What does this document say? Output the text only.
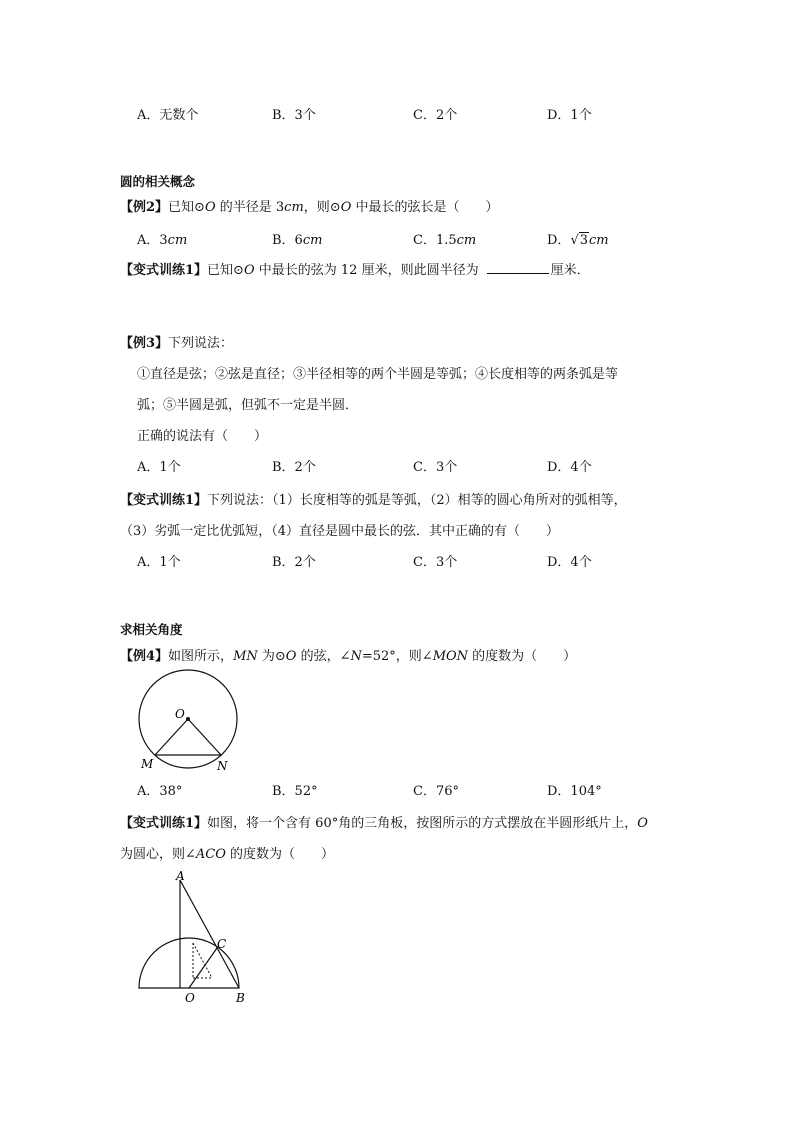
A．无数个	B．3个	C．2个	D．1个
圆的相关概念
【例2】已知⊙O 的半径是 3cm，则⊙O 中最长的弦长是（　　）
A．3cm	B．6cm	C．1.5cm	D．√3cm
【变式训练1】已知⊙O 中最长的弦为 12 厘米，则此圆半径为	厘米．
【例3】下列说法：
①直径是弦；②弦是直径；③半径相等的两个半圆是等弧；④长度相等的两条弧是等
弧；⑤半圆是弧，但弧不一定是半圆．
正确的说法有（　　）
A．1个	B．2个	C．3个	D．4个
【变式训练1】下列说法：（1）长度相等的弧是等弧，（2）相等的圆心角所对的弧相等，
（3）劣弧一定比优弧短，（4）直径是圆中最长的弦．其中正确的有（　　）
A．1个	B．2个	C．3个	D．4个
求相关角度
【例4】如图所示，MN 为⊙O 的弦，∠N=52°，则∠MON 的度数为（　　）
O
M	N
A．38°	B．52°	C．76°	D．104°
【变式训练1】如图，将一个含有 60°角的三角板，按图所示的方式摆放在半圆形纸片上，O
为圆心，则∠ACO 的度数为（　　）
A
C
O	B
